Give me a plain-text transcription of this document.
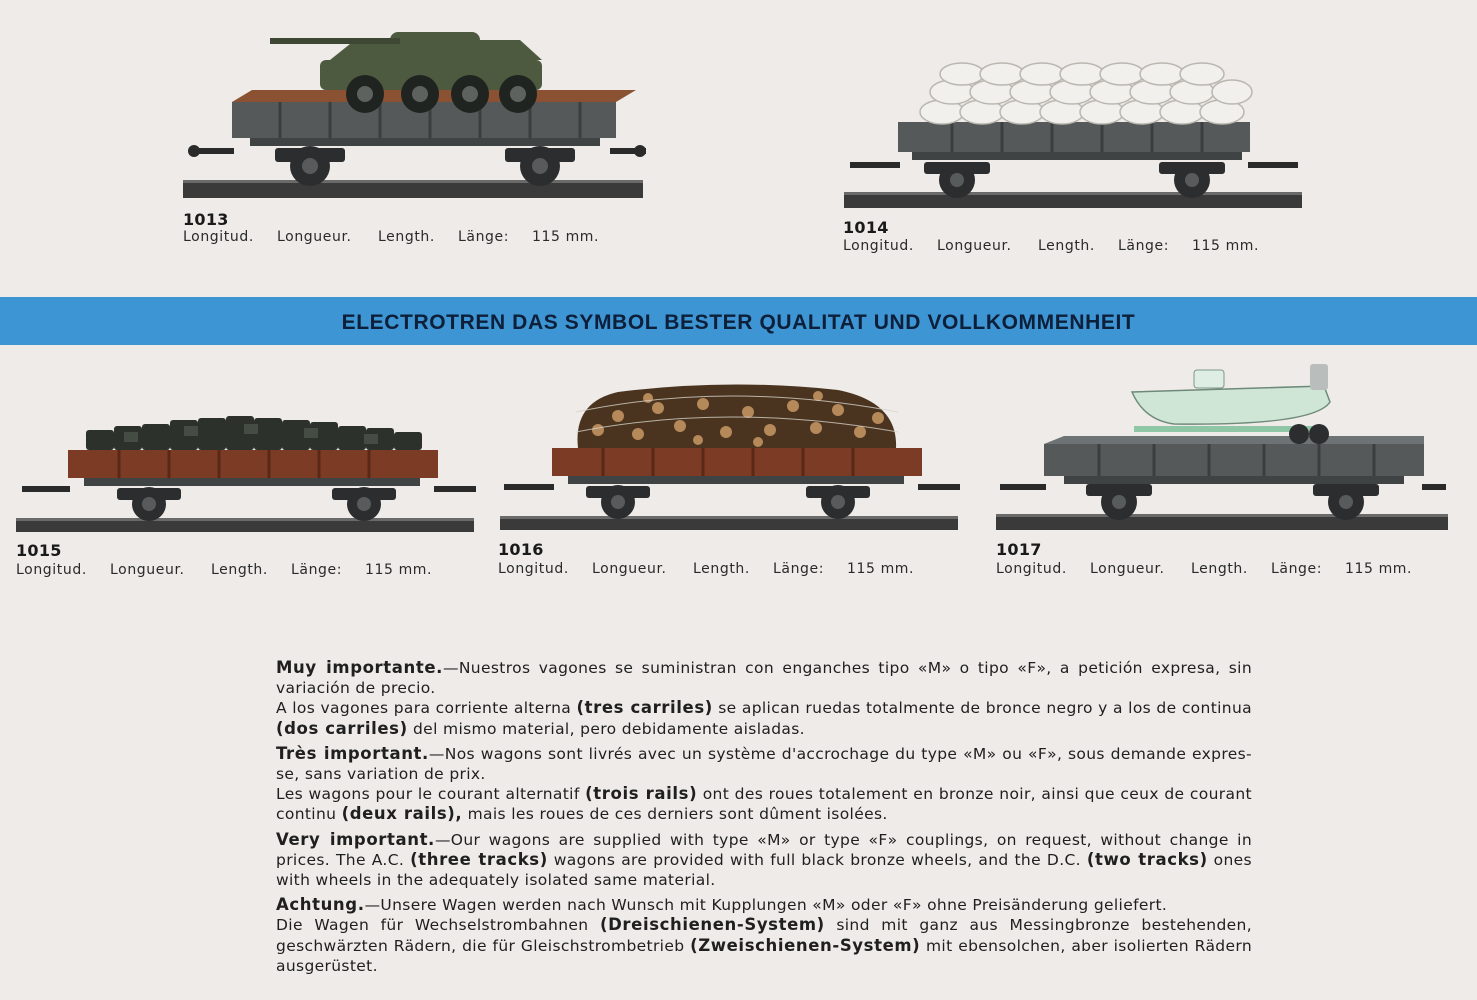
1013
Longitud. Longueur. Length. Länge: 115 mm.	1014
Longitud. Longueur. Length. Länge: 115 mm.
ELECTROTREN DAS SYMBOL BESTER QUALITAT UND VOLLKOMMENHEIT
1015
Longitud. Longueur. Length. Länge: 115 mm.
1016
Longitud. Longueur. Length. Länge: 115 mm.
1017
Longitud. Longueur. Length. Länge: 115 mm.

Muy importante.—Nuestros vagones se suministran con enganches tipo «M» o tipo «F», a petición expresa, sin variación de precio.

A los vagones para corriente alterna (tres carriles) se aplican ruedas totalmente de bronce negro y a los de continua (dos carriles) del mismo material, pero debidamente aisladas.

Très important.—Nos wagons sont livrés avec un système d'accrochage du type «M» ou «F», sous demande expres-se, sans variation de prix.

Les wagons pour le courant alternatif (trois rails) ont des roues totalement en bronze noir, ainsi que ceux de courant continu (deux rails), mais les roues de ces derniers sont dûment isolées.

Very important.—Our wagons are supplied with type «M» or type «F» couplings, on request, without change in prices. The A.C. (three tracks) wagons are provided with full black bronze wheels, and the D.C. (two tracks) ones with wheels in the adequately isolated same material.

Achtung.—Unsere Wagen werden nach Wunsch mit Kupplungen «M» oder «F» ohne Preisänderung geliefert.

Die Wagen für Wechselstrombahnen (Dreischienen-System) sind mit ganz aus Messingbronze bestehenden, geschwärzten Rädern, die für Gleischstrombetrieb (Zweischienen-System) mit ebensolchen, aber isolierten Rädern ausgerüstet.
